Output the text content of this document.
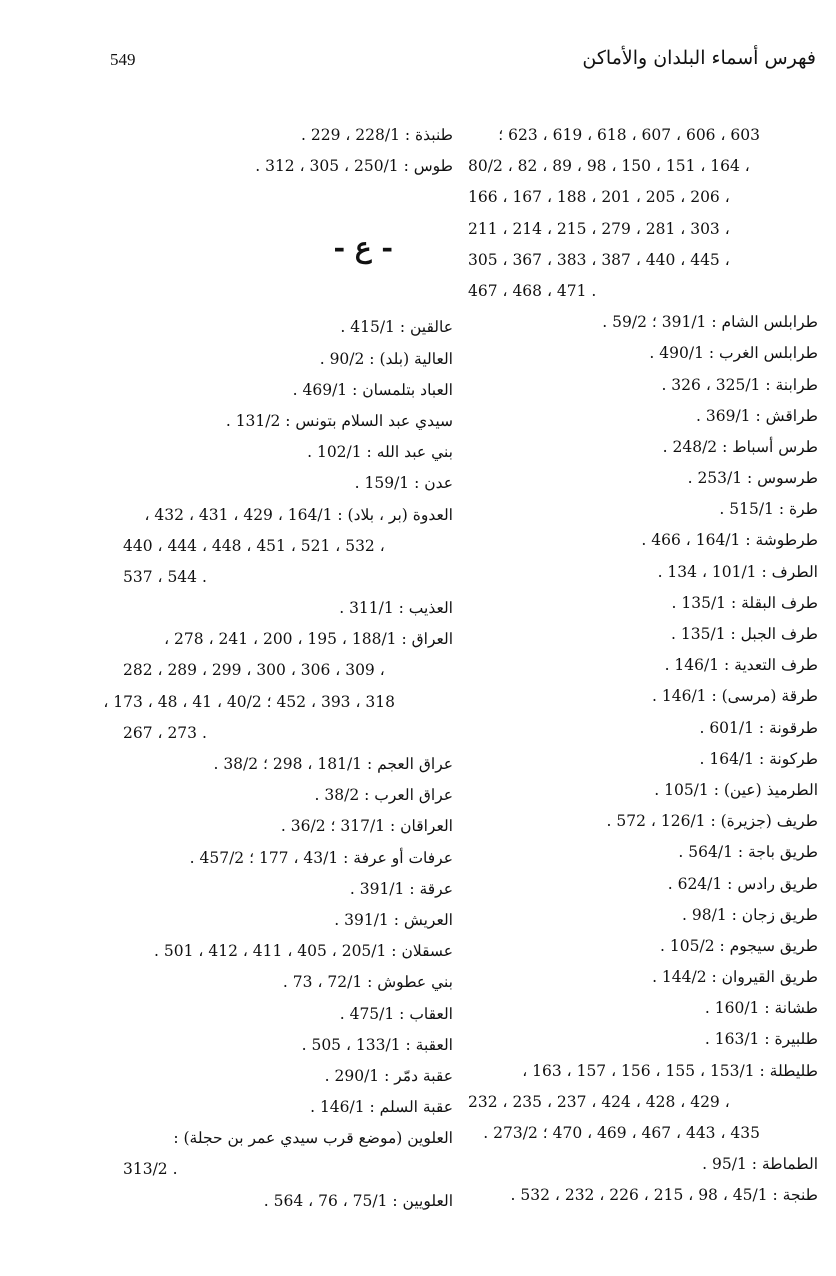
549	فهرس أسماء البلدان والأماكن
603 ، 606 ، 607 ، 618 ، 619 ، 623 ؛
80/2 ، 82 ، 89 ، 98 ، 150 ، 151 ، 164 ،
166 ، 167 ، 188 ، 201 ، 205 ، 206 ،
211 ، 214 ، 215 ، 279 ، 281 ، 303 ،
305 ، 367 ، 383 ، 387 ، 440 ، 445 ،
467 ، 468 ، 471 .
طرابلس الشام : 391/1 ؛ 59/2 .
طرابلس الغرب : 490/1 .
طرابنة : 325/1 ، 326 .
طراقش : 369/1 .
طرس أسباط : 248/2 .
طرسوس : 253/1 .
طرة : 515/1 .
طرطوشة : 164/1 ، 466 .
الطرف : 101/1 ، 134 .
طرف البقلة : 135/1 .
طرف الجبل : 135/1 .
طرف التعدية : 146/1 .
طرقة (مرسى) : 146/1 .
طرقونة : 601/1 .
طركونة : 164/1 .
الطرميذ (عين) : 105/1 .
طريف (جزيرة) : 126/1 ، 572 .
طريق باجة : 564/1 .
طريق رادس : 624/1 .
طريق زجان : 98/1 .
طريق سيجوم : 105/2 .
طريق القيروان : 144/2 .
طشانة : 160/1 .
طلبيرة : 163/1 .
طليطلة : 153/1 ، 155 ، 156 ، 157 ، 163 ،
232 ، 235 ، 237 ، 424 ، 428 ، 429 ،
435 ، 443 ، 467 ، 469 ، 470 ؛ 273/2 .
الطماطة : 95/1 .
طنجة : 45/1 ، 98 ، 215 ، 226 ، 232 ، 532 .
طنبذة : 228/1 ، 229 .
طوس : 250/1 ، 305 ، 312 .
- ع -
عالقين : 415/1 .
العالية (بلد) : 90/2 .
العباد بتلمسان : 469/1 .
سيدي عبد السلام بتونس : 131/2 .
بني عبد الله : 102/1 .
عدن : 159/1 .
العدوة (بر ، بلاد) : 164/1 ، 429 ، 431 ، 432 ،
440 ، 444 ، 448 ، 451 ، 521 ، 532 ،
537 ، 544 .
العذيب : 311/1 .
العراق : 188/1 ، 195 ، 200 ، 241 ، 278 ،
282 ، 289 ، 299 ، 300 ، 306 ، 309 ،
318 ، 393 ، 452 ؛ 40/2 ، 41 ، 48 ، 173 ،
267 ، 273 .
عراق العجم : 181/1 ، 298 ؛ 38/2 .
عراق العرب : 38/2 .
العراقان : 317/1 ؛ 36/2 .
عرفات أو عرفة : 43/1 ، 177 ؛ 457/2 .
عرقة : 391/1 .
العريش : 391/1 .
عسقلان : 205/1 ، 405 ، 411 ، 412 ، 501 .
بني عطوش : 72/1 ، 73 .
العقاب : 475/1 .
العقبة : 133/1 ، 505 .
عقبة دمّر : 290/1 .
عقبة السلم : 146/1 .
العلوين (موضع قرب سيدي عمر بن حجلة) :
313/2 .
العلويين : 75/1 ، 76 ، 564 .
